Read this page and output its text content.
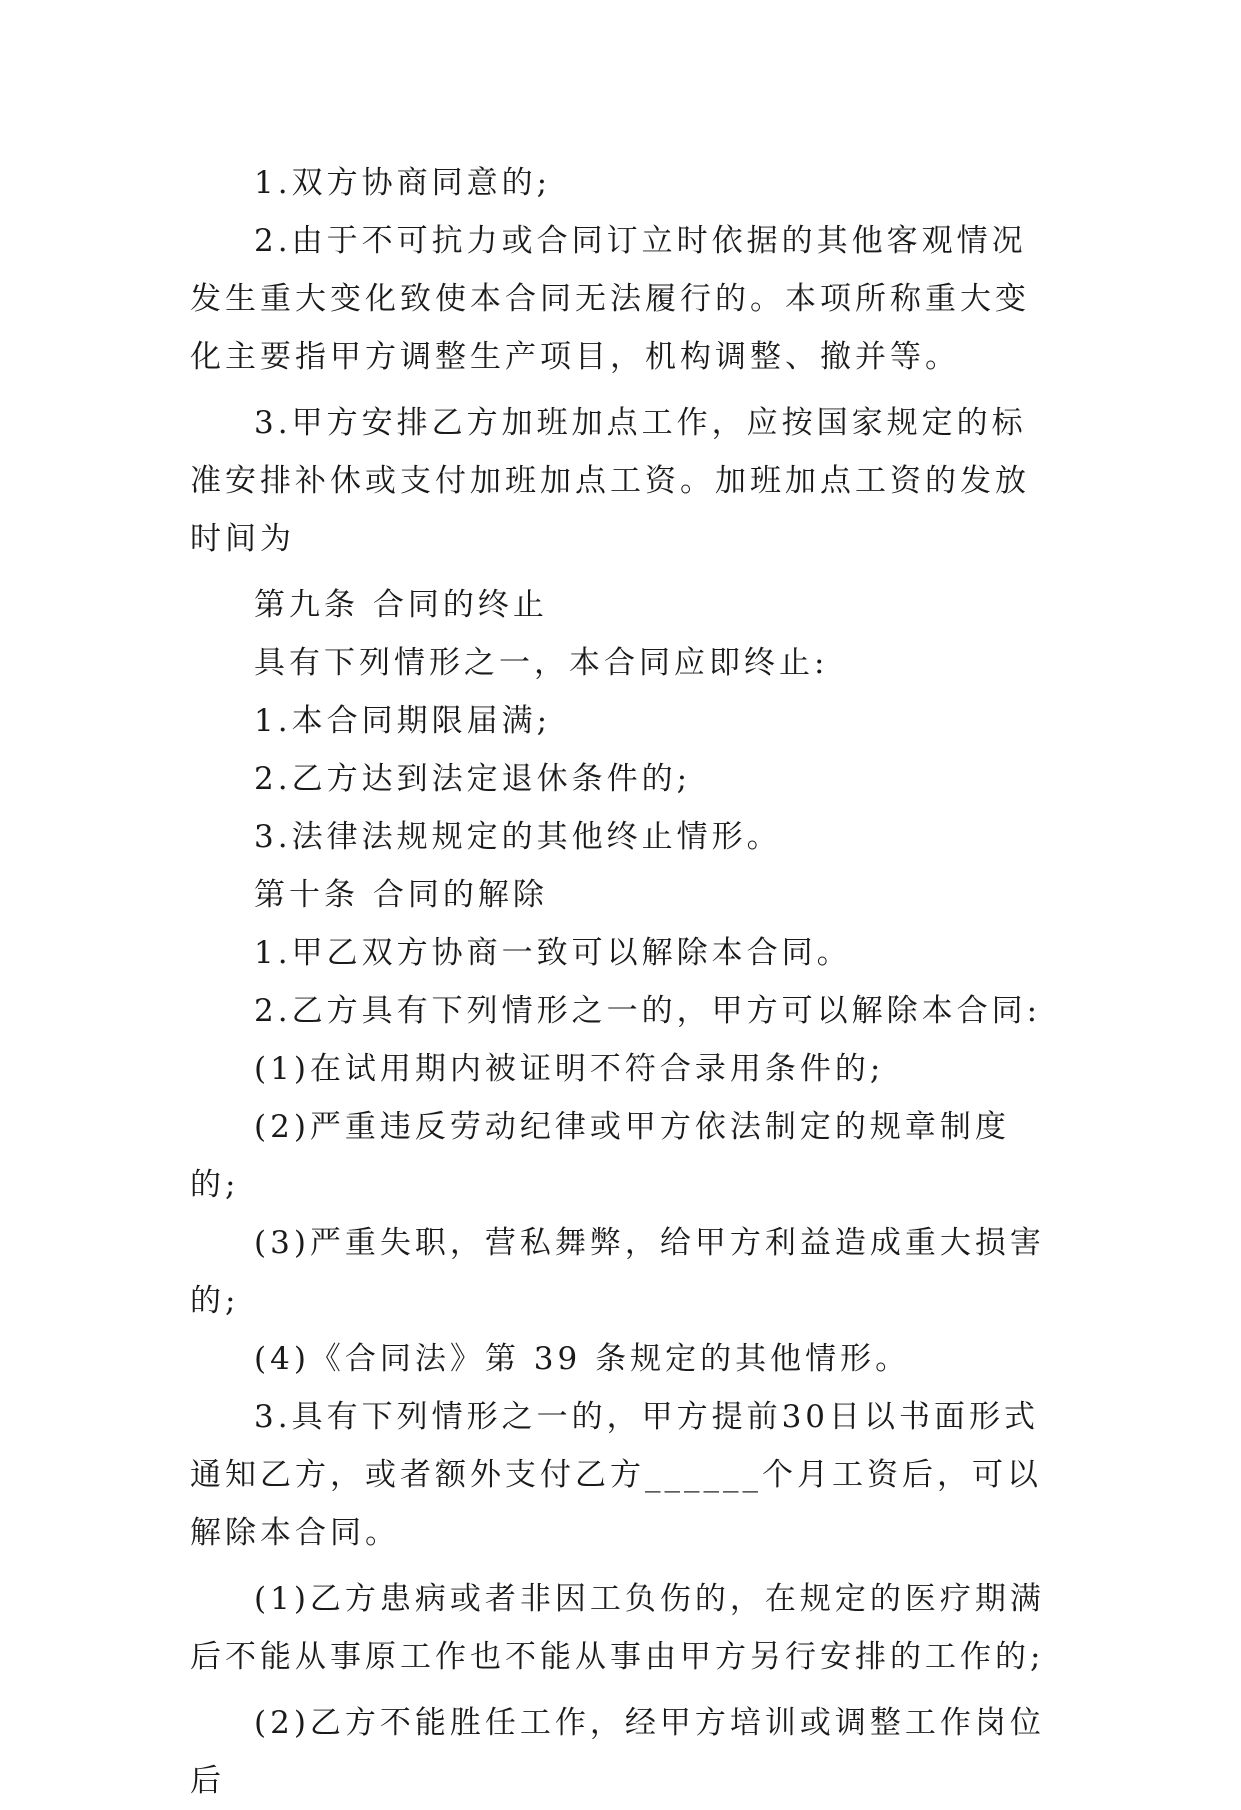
1.双方协商同意的;

2.由于不可抗力或合同订立时依据的其他客观情况发生重大变化致使本合同无法履行的。本项所称重大变化主要指甲方调整生产项目，机构调整、撤并等。

3.甲方安排乙方加班加点工作，应按国家规定的标准安排补休或支付加班加点工资。加班加点工资的发放时间为

第九条 合同的终止

具有下列情形之一，本合同应即终止:

1.本合同期限届满;

2.乙方达到法定退休条件的;

3.法律法规规定的其他终止情形。

第十条 合同的解除

1.甲乙双方协商一致可以解除本合同。

2.乙方具有下列情形之一的，甲方可以解除本合同:

(1)在试用期内被证明不符合录用条件的;

(2)严重违反劳动纪律或甲方依法制定的规章制度的;

(3)严重失职，营私舞弊，给甲方利益造成重大损害的;

(4)《合同法》第 39 条规定的其他情形。

3.具有下列情形之一的，甲方提前30日以书面形式通知乙方，或者额外支付乙方______个月工资后，可以解除本合同。

(1)乙方患病或者非因工负伤的，在规定的医疗期满后不能从事原工作也不能从事由甲方另行安排的工作的;

(2)乙方不能胜任工作，经甲方培训或调整工作岗位后
